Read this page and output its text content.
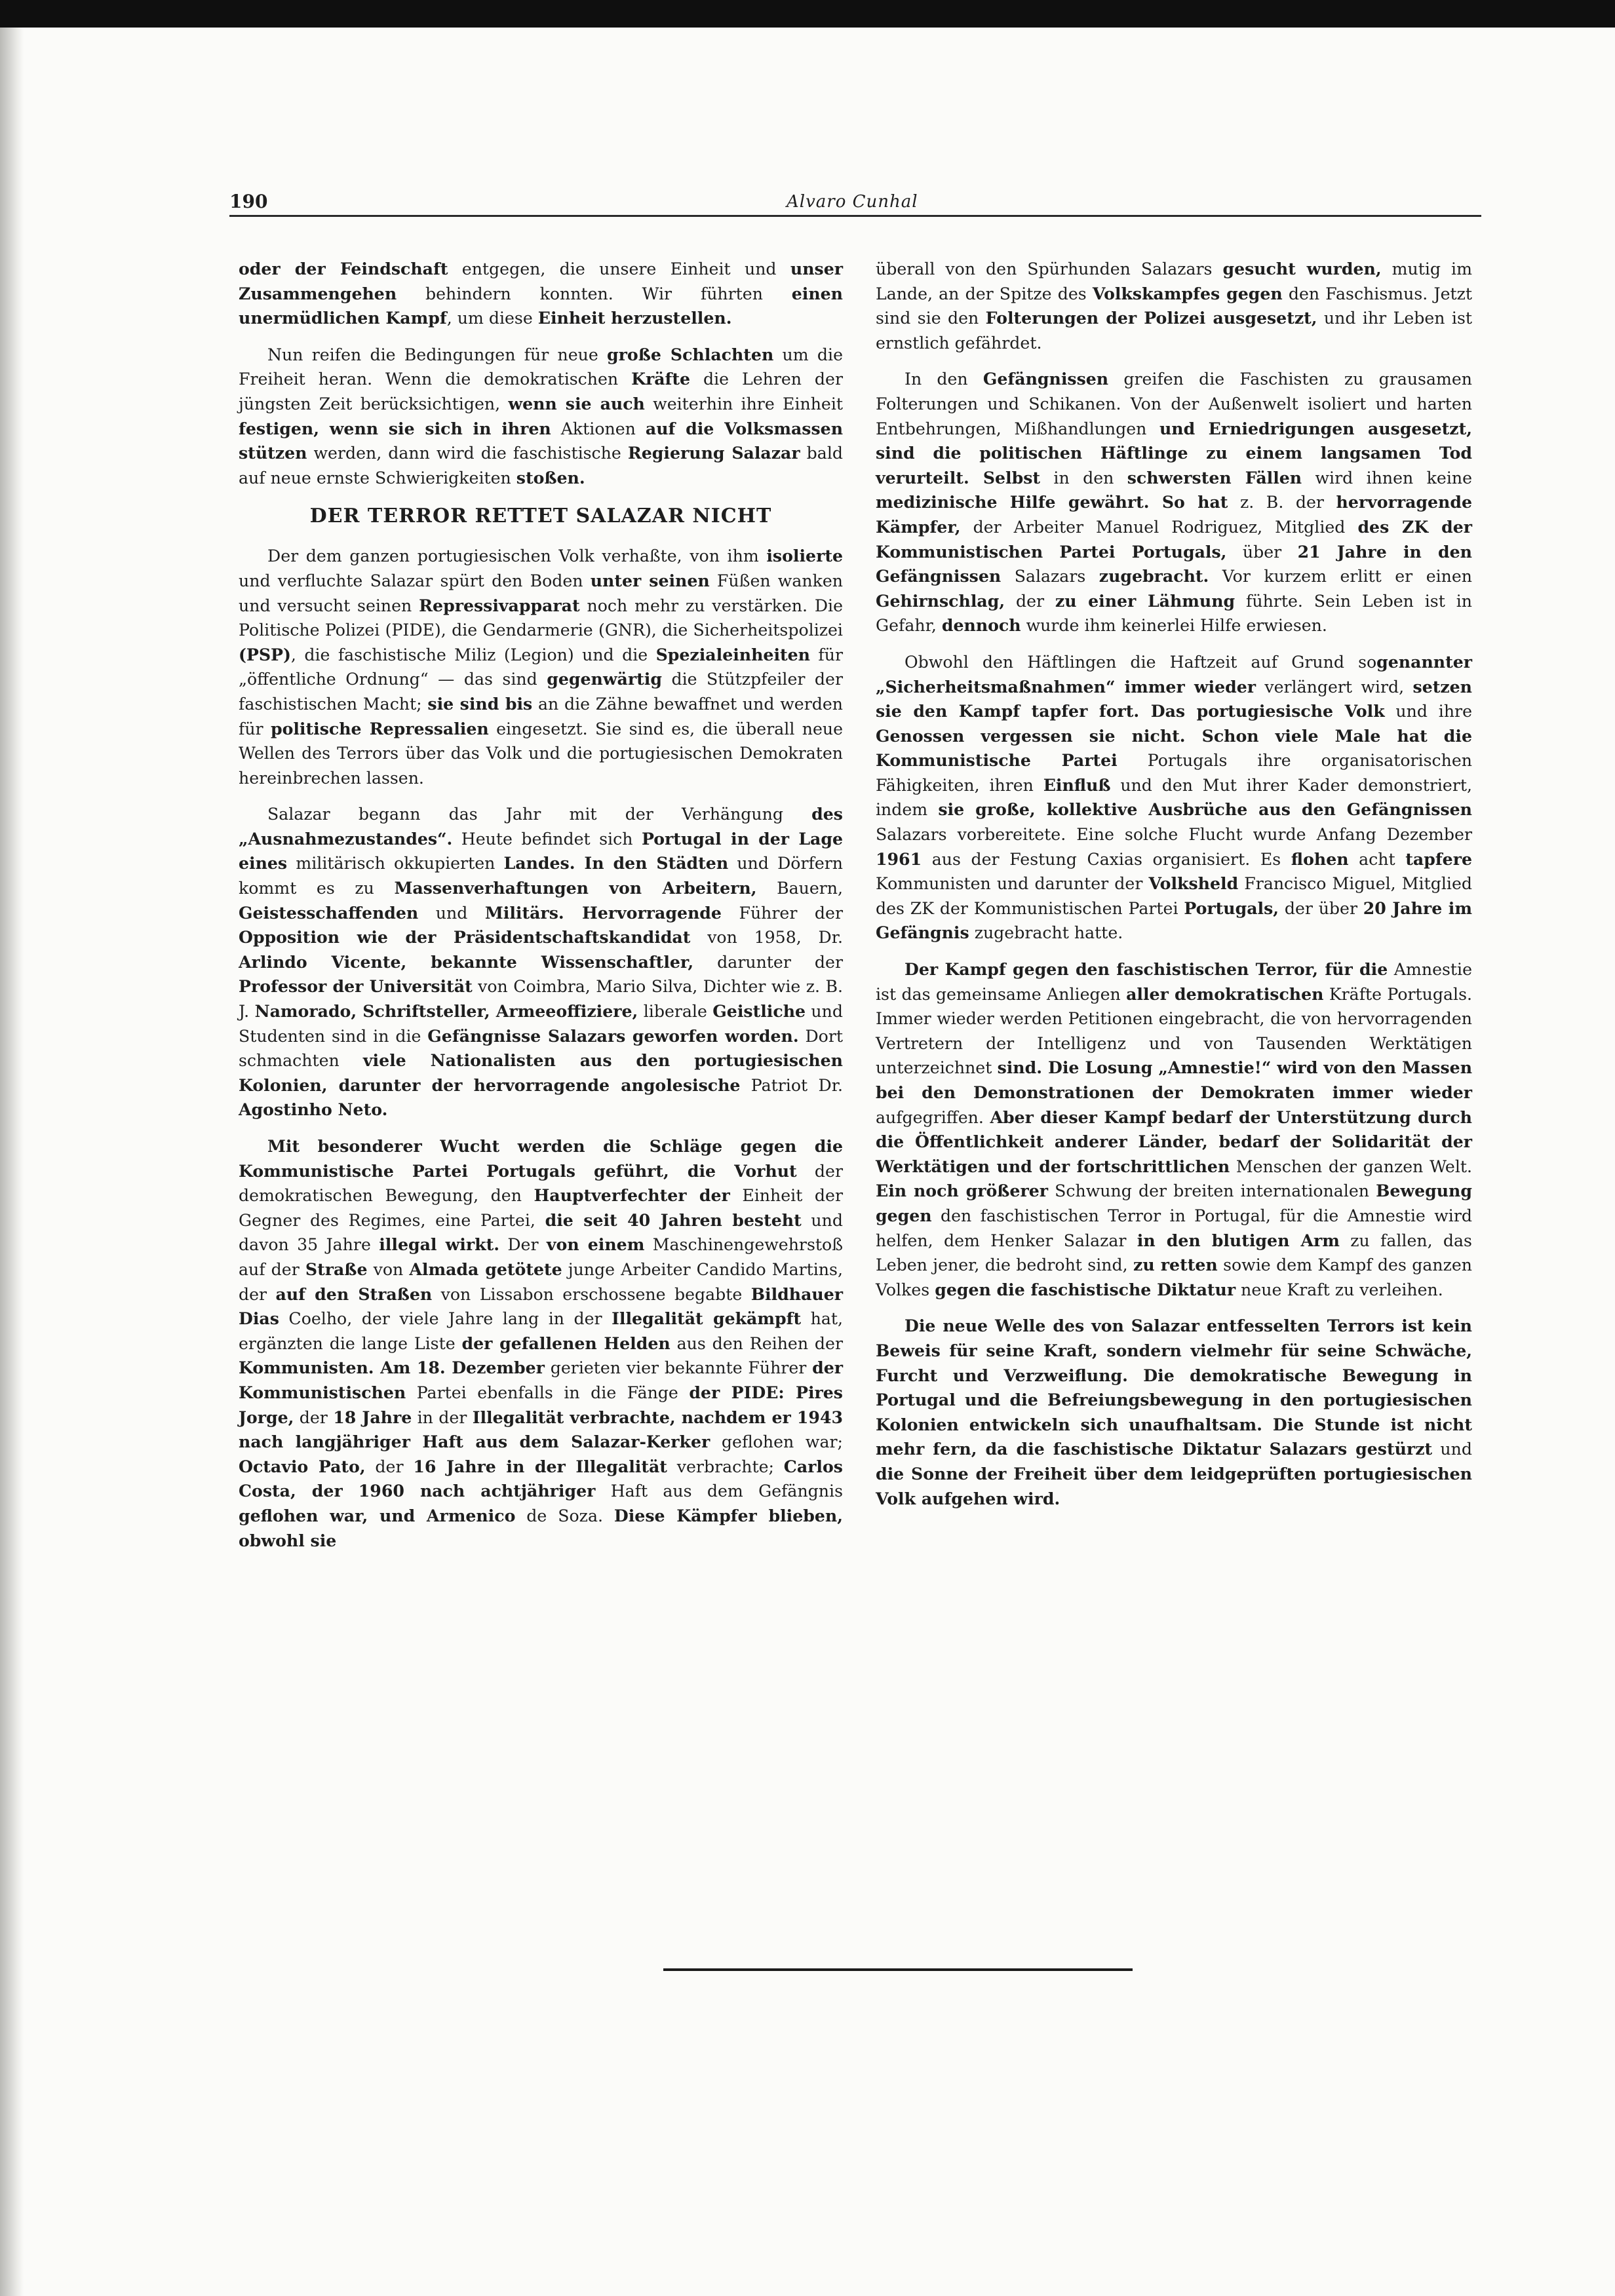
190	Alvaro Cunhal

oder der Feindschaft entgegen, die unsere Einheit und unser Zusammengehen behindern konnten. Wir führten einen unermüdlichen Kampf, um diese Einheit herzustellen.

Nun reifen die Bedingungen für neue große Schlachten um die Freiheit heran. Wenn die demokratischen Kräfte die Lehren der jüngsten Zeit berücksichtigen, wenn sie auch weiterhin ihre Einheit festigen, wenn sie sich in ihren Aktionen auf die Volksmassen stützen werden, dann wird die faschistische Regierung Salazar bald auf neue ernste Schwierigkeiten stoßen.

DER TERROR RETTET SALAZAR NICHT

Der dem ganzen portugiesischen Volk verhaßte, von ihm isolierte und verfluchte Salazar spürt den Boden unter seinen Füßen wanken und versucht seinen Repressivapparat noch mehr zu verstärken. Die Politische Polizei (PIDE), die Gendarmerie (GNR), die Sicherheitspolizei (PSP), die faschistische Miliz (Legion) und die Spezialeinheiten für „öffentliche Ordnung“ — das sind gegenwärtig die Stützpfeiler der faschistischen Macht; sie sind bis an die Zähne bewaffnet und werden für politische Repressalien eingesetzt. Sie sind es, die überall neue Wellen des Terrors über das Volk und die portugiesischen Demokraten hereinbrechen lassen.

Salazar begann das Jahr mit der Verhängung des „Ausnahmezustandes“. Heute befindet sich Portugal in der Lage eines militärisch okkupierten Landes. In den Städten und Dörfern kommt es zu Massenverhaftungen von Arbeitern, Bauern, Geistesschaffenden und Militärs. Hervorragende Führer der Opposition wie der Präsidentschaftskandidat von 1958, Dr. Arlindo Vicente, bekannte Wissenschaftler, darunter der Professor der Universität von Coimbra, Mario Silva, Dichter wie z. B. J. Namorado, Schriftsteller, Armeeoffiziere, liberale Geistliche und Studenten sind in die Gefängnisse Salazars geworfen worden. Dort schmachten viele Nationalisten aus den portugiesischen Kolonien, darunter der hervorragende angolesische Patriot Dr. Agostinho Neto.

Mit besonderer Wucht werden die Schläge gegen die Kommunistische Partei Portugals geführt, die Vorhut der demokratischen Bewegung, den Hauptverfechter der Einheit der Gegner des Regimes, eine Partei, die seit 40 Jahren besteht und davon 35 Jahre illegal wirkt. Der von einem Maschinengewehrstoß auf der Straße von Almada getötete junge Arbeiter Candido Martins, der auf den Straßen von Lissabon erschossene begabte Bildhauer Dias Coelho, der viele Jahre lang in der Illegalität gekämpft hat, ergänzten die lange Liste der gefallenen Helden aus den Reihen der Kommunisten. Am 18. Dezember gerieten vier bekannte Führer der Kommunistischen Partei ebenfalls in die Fänge der PIDE: Pires Jorge, der 18 Jahre in der Illegalität verbrachte, nachdem er 1943 nach langjähriger Haft aus dem Salazar-Kerker geflohen war; Octavio Pato, der 16 Jahre in der Illegalität verbrachte; Carlos Costa, der 1960 nach achtjähriger Haft aus dem Gefängnis geflohen war, und Armenico de Soza. Diese Kämpfer blieben, obwohl sie

überall von den Spürhunden Salazars gesucht wurden, mutig im Lande, an der Spitze des Volkskampfes gegen den Faschismus. Jetzt sind sie den Folterungen der Polizei ausgesetzt, und ihr Leben ist ernstlich gefährdet.

In den Gefängnissen greifen die Faschisten zu grausamen Folterungen und Schikanen. Von der Außenwelt isoliert und harten Entbehrungen, Mißhandlungen und Erniedrigungen ausgesetzt, sind die politischen Häftlinge zu einem langsamen Tod verurteilt. Selbst in den schwersten Fällen wird ihnen keine medizinische Hilfe gewährt. So hat z. B. der hervorragende Kämpfer, der Arbeiter Manuel Rodriguez, Mitglied des ZK der Kommunistischen Partei Portugals, über 21 Jahre in den Gefängnissen Salazars zugebracht. Vor kurzem erlitt er einen Gehirnschlag, der zu einer Lähmung führte. Sein Leben ist in Gefahr, dennoch wurde ihm keinerlei Hilfe erwiesen.

Obwohl den Häftlingen die Haftzeit auf Grund sogenannter „Sicherheitsmaßnahmen“ immer wieder verlängert wird, setzen sie den Kampf tapfer fort. Das portugiesische Volk und ihre Genossen vergessen sie nicht. Schon viele Male hat die Kommunistische Partei Portugals ihre organisatorischen Fähigkeiten, ihren Einfluß und den Mut ihrer Kader demonstriert, indem sie große, kollektive Ausbrüche aus den Gefängnissen Salazars vorbereitete. Eine solche Flucht wurde Anfang Dezember 1961 aus der Festung Caxias organisiert. Es flohen acht tapfere Kommunisten und darunter der Volksheld Francisco Miguel, Mitglied des ZK der Kommunistischen Partei Portugals, der über 20 Jahre im Gefängnis zugebracht hatte.

Der Kampf gegen den faschistischen Terror, für die Amnestie ist das gemeinsame Anliegen aller demokratischen Kräfte Portugals. Immer wieder werden Petitionen eingebracht, die von hervorragenden Vertretern der Intelligenz und von Tausenden Werktätigen unterzeichnet sind. Die Losung „Amnestie!“ wird von den Massen bei den Demonstrationen der Demokraten immer wieder aufgegriffen. Aber dieser Kampf bedarf der Unterstützung durch die Öffentlichkeit anderer Länder, bedarf der Solidarität der Werktätigen und der fortschrittlichen Menschen der ganzen Welt. Ein noch größerer Schwung der breiten internationalen Bewegung gegen den faschistischen Terror in Portugal, für die Amnestie wird helfen, dem Henker Salazar in den blutigen Arm zu fallen, das Leben jener, die bedroht sind, zu retten sowie dem Kampf des ganzen Volkes gegen die faschistische Diktatur neue Kraft zu verleihen.

Die neue Welle des von Salazar entfesselten Terrors ist kein Beweis für seine Kraft, sondern vielmehr für seine Schwäche, Furcht und Verzweiflung. Die demokratische Bewegung in Portugal und die Befreiungsbewegung in den portugiesischen Kolonien entwickeln sich unaufhaltsam. Die Stunde ist nicht mehr fern, da die faschistische Diktatur Salazars gestürzt und die Sonne der Freiheit über dem leidgeprüften portugiesischen Volk aufgehen wird.
